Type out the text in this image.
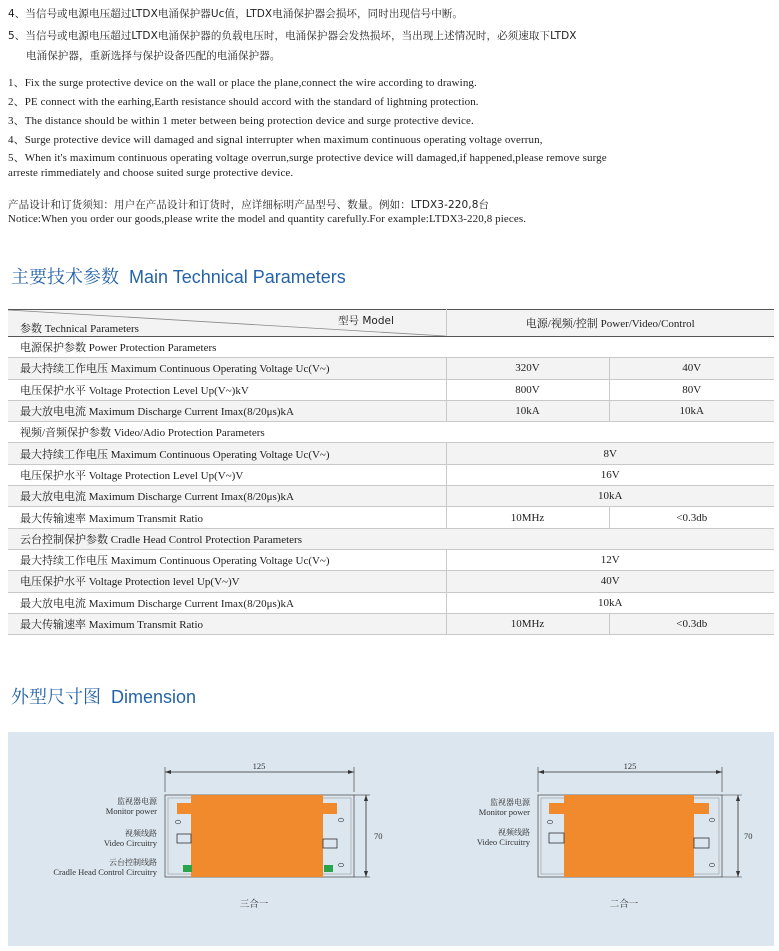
4、当信号或电源电压超过LTDX电涌保护器Uc值，LTDX电涌保护器会损坏，同时出现信号中断。
5、当信号或电源电压超过LTDX电涌保护器的负载电压时，电涌保护器会发热损坏，当出现上述情况时，必须速取下LTDX
电涌保护器，重新选择与保护设备匹配的电涌保护器。
1、Fix the surge protective device on the wall or place the plane,connect the wire according to drawing.
2、PE connect with the earhing,Earth resistance should accord with the standard of lightning protection.
3、The distance should be within 1 meter between being protection device and surge protective device.
4、Surge protective device will damaged and signal interrupter when maximum continuous operating voltage overrun,
5、When it's maximum continuous operating voltage overrun,surge protective device will damaged,if happened,please remove surge
arreste rimmediately and choose suited surge protective device.
产品设计和订货须知：用户在产品设计和订货时，应详细标明产品型号、数量。例如：LTDX3-220,8台
Notice:When you order our goods,please write the model and quantity carefully.For example:LTDX3-220,8 pieces.
主要技术参数 Main Technical Parameters
型号 Model
参数 Technical Parameters	电源/视频/控制 Power/Video/Control	
电源保护参数 Power Protection Parameters		
最大持续工作电压 Maximum Continuous Operating Voltage Uc(V~)	320V	40V
电压保护水平 Voltage Protection Level Up(V~)kV	800V	80V
最大放电电流 Maximum Discharge Current Imax(8/20μs)kA	10kA	10kA
视频/音频保护参数 Video/Adio Protection Parameters		
最大持续工作电压 Maximum Continuous Operating Voltage Uc(V~)	8V	
电压保护水平 Voltage Protection Level Up(V~)V	16V	
最大放电电流 Maximum Discharge Current Imax(8/20μs)kA	10kA	
最大传输速率 Maximum Transmit Ratio	10MHz	<0.3db
云台控制保护参数 Cradle Head Control Protection Parameters		
最大持续工作电压 Maximum Continuous Operating Voltage Uc(V~)	12V	
电压保护水平 Voltage Protection level Up(V~)V	40V	
最大放电电流 Maximum Discharge Current Imax(8/20μs)kA	10kA	
最大传输速率 Maximum Transmit Ratio	10MHz	<0.3db
外型尺寸图 Dimension
125
70
监视器电源
Monitor power
视频线路
Video Circuitry
云台控制线路
Cradle Head Control Circuitry
三合一
125
70
监视器电源
Monitor power
视频线路
Video Circuitry
二合一
